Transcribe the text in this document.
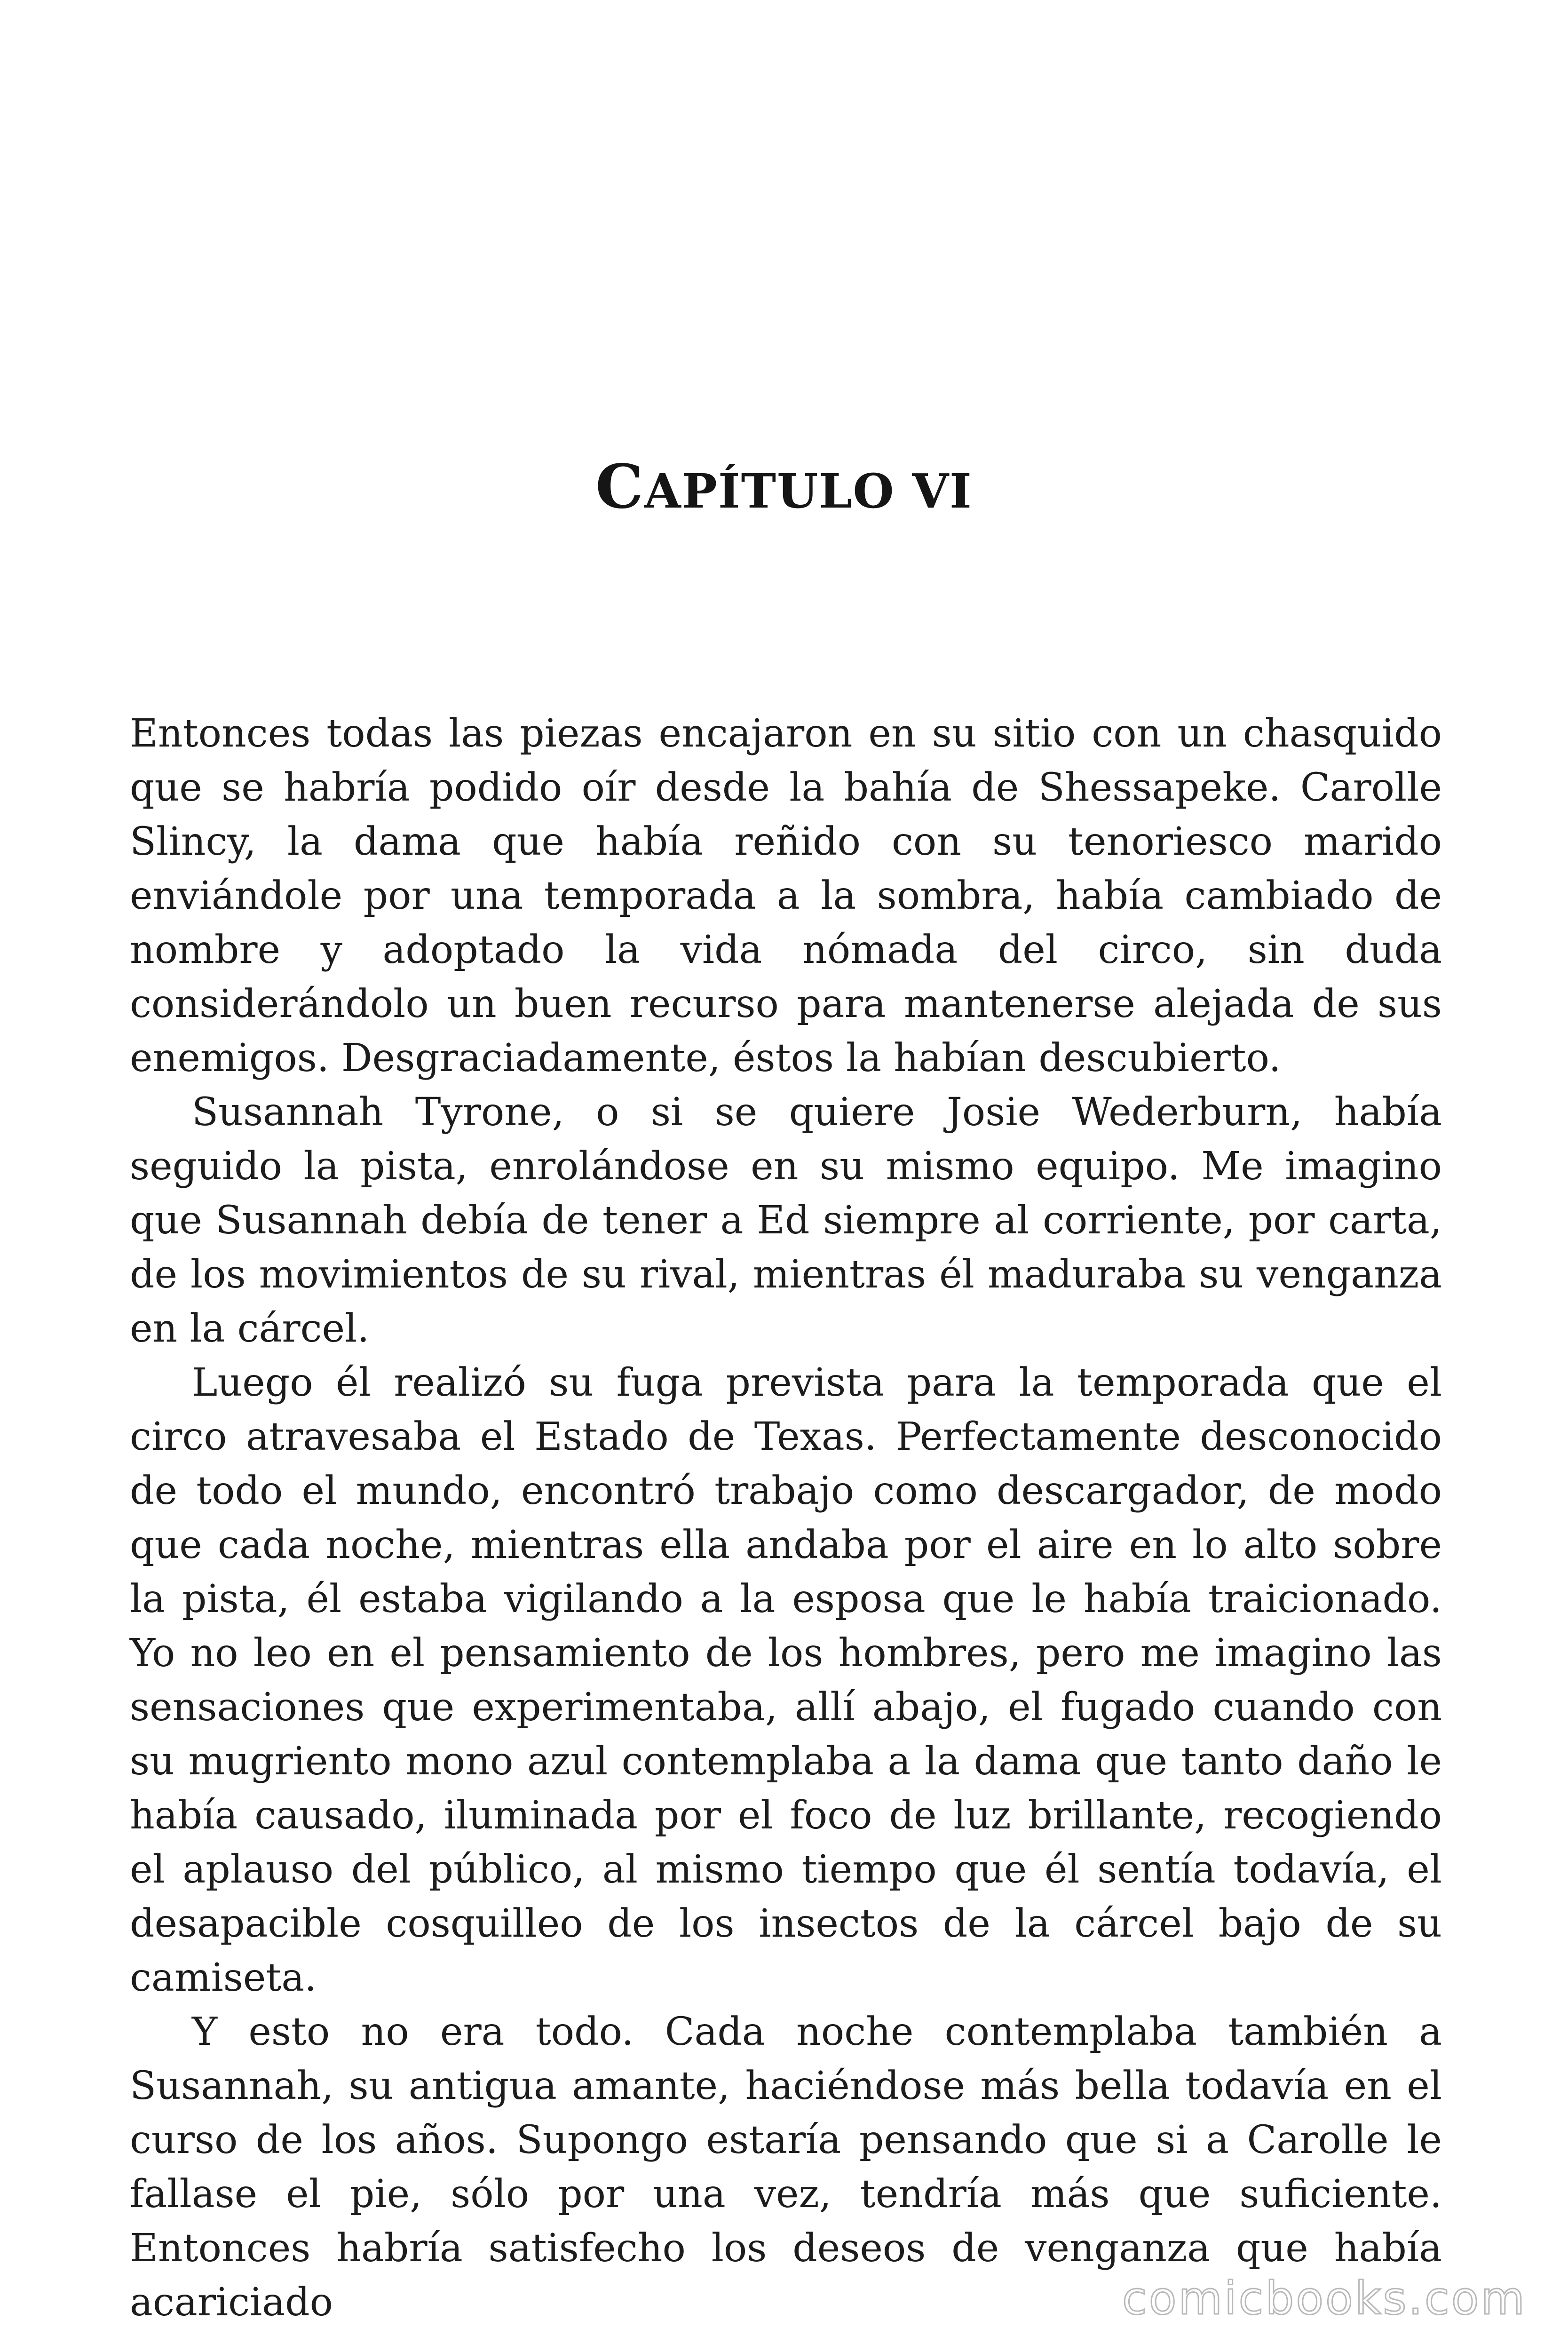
CAPÍTULO VI

Entonces todas las piezas encajaron en su sitio con un chasquido que se habría podido oír desde la bahía de Shessapeke. Carolle Slincy, la dama que había reñido con su tenoriesco marido enviándole por una temporada a la sombra, había cambiado de nombre y adoptado la vida nómada del circo, sin duda considerándolo un buen recurso para mantenerse alejada de sus enemigos. Desgraciadamente, éstos la habían descubierto.

Susannah Tyrone, o si se quiere Josie Wederburn, había seguido la pista, enrolándose en su mismo equipo. Me imagino que Susannah debía de tener a Ed siempre al corriente, por carta, de los movimientos de su rival, mientras él maduraba su venganza en la cárcel.

Luego él realizó su fuga prevista para la temporada que el circo atravesaba el Estado de Texas. Perfectamente desconocido de todo el mundo, encontró trabajo como descargador, de modo que cada noche, mientras ella andaba por el aire en lo alto sobre la pista, él estaba vigilando a la esposa que le había traicionado. Yo no leo en el pensamiento de los hombres, pero me imagino las sensaciones que experimentaba, allí abajo, el fugado cuando con su mugriento mono azul contemplaba a la dama que tanto daño le había causado, iluminada por el foco de luz brillante, recogiendo el aplauso del público, al mismo tiempo que él sentía todavía, el desapacible cosquilleo de los insectos de la cárcel bajo de su camiseta.

Y esto no era todo. Cada noche contemplaba también a Susannah, su antigua amante, haciéndose más bella todavía en el curso de los años. Supongo estaría pensando que si a Carolle le fallase el pie, sólo por una vez, tendría más que suficiente. Entonces habría satisfecho los deseos de venganza que había acariciado	comicbooks.com
